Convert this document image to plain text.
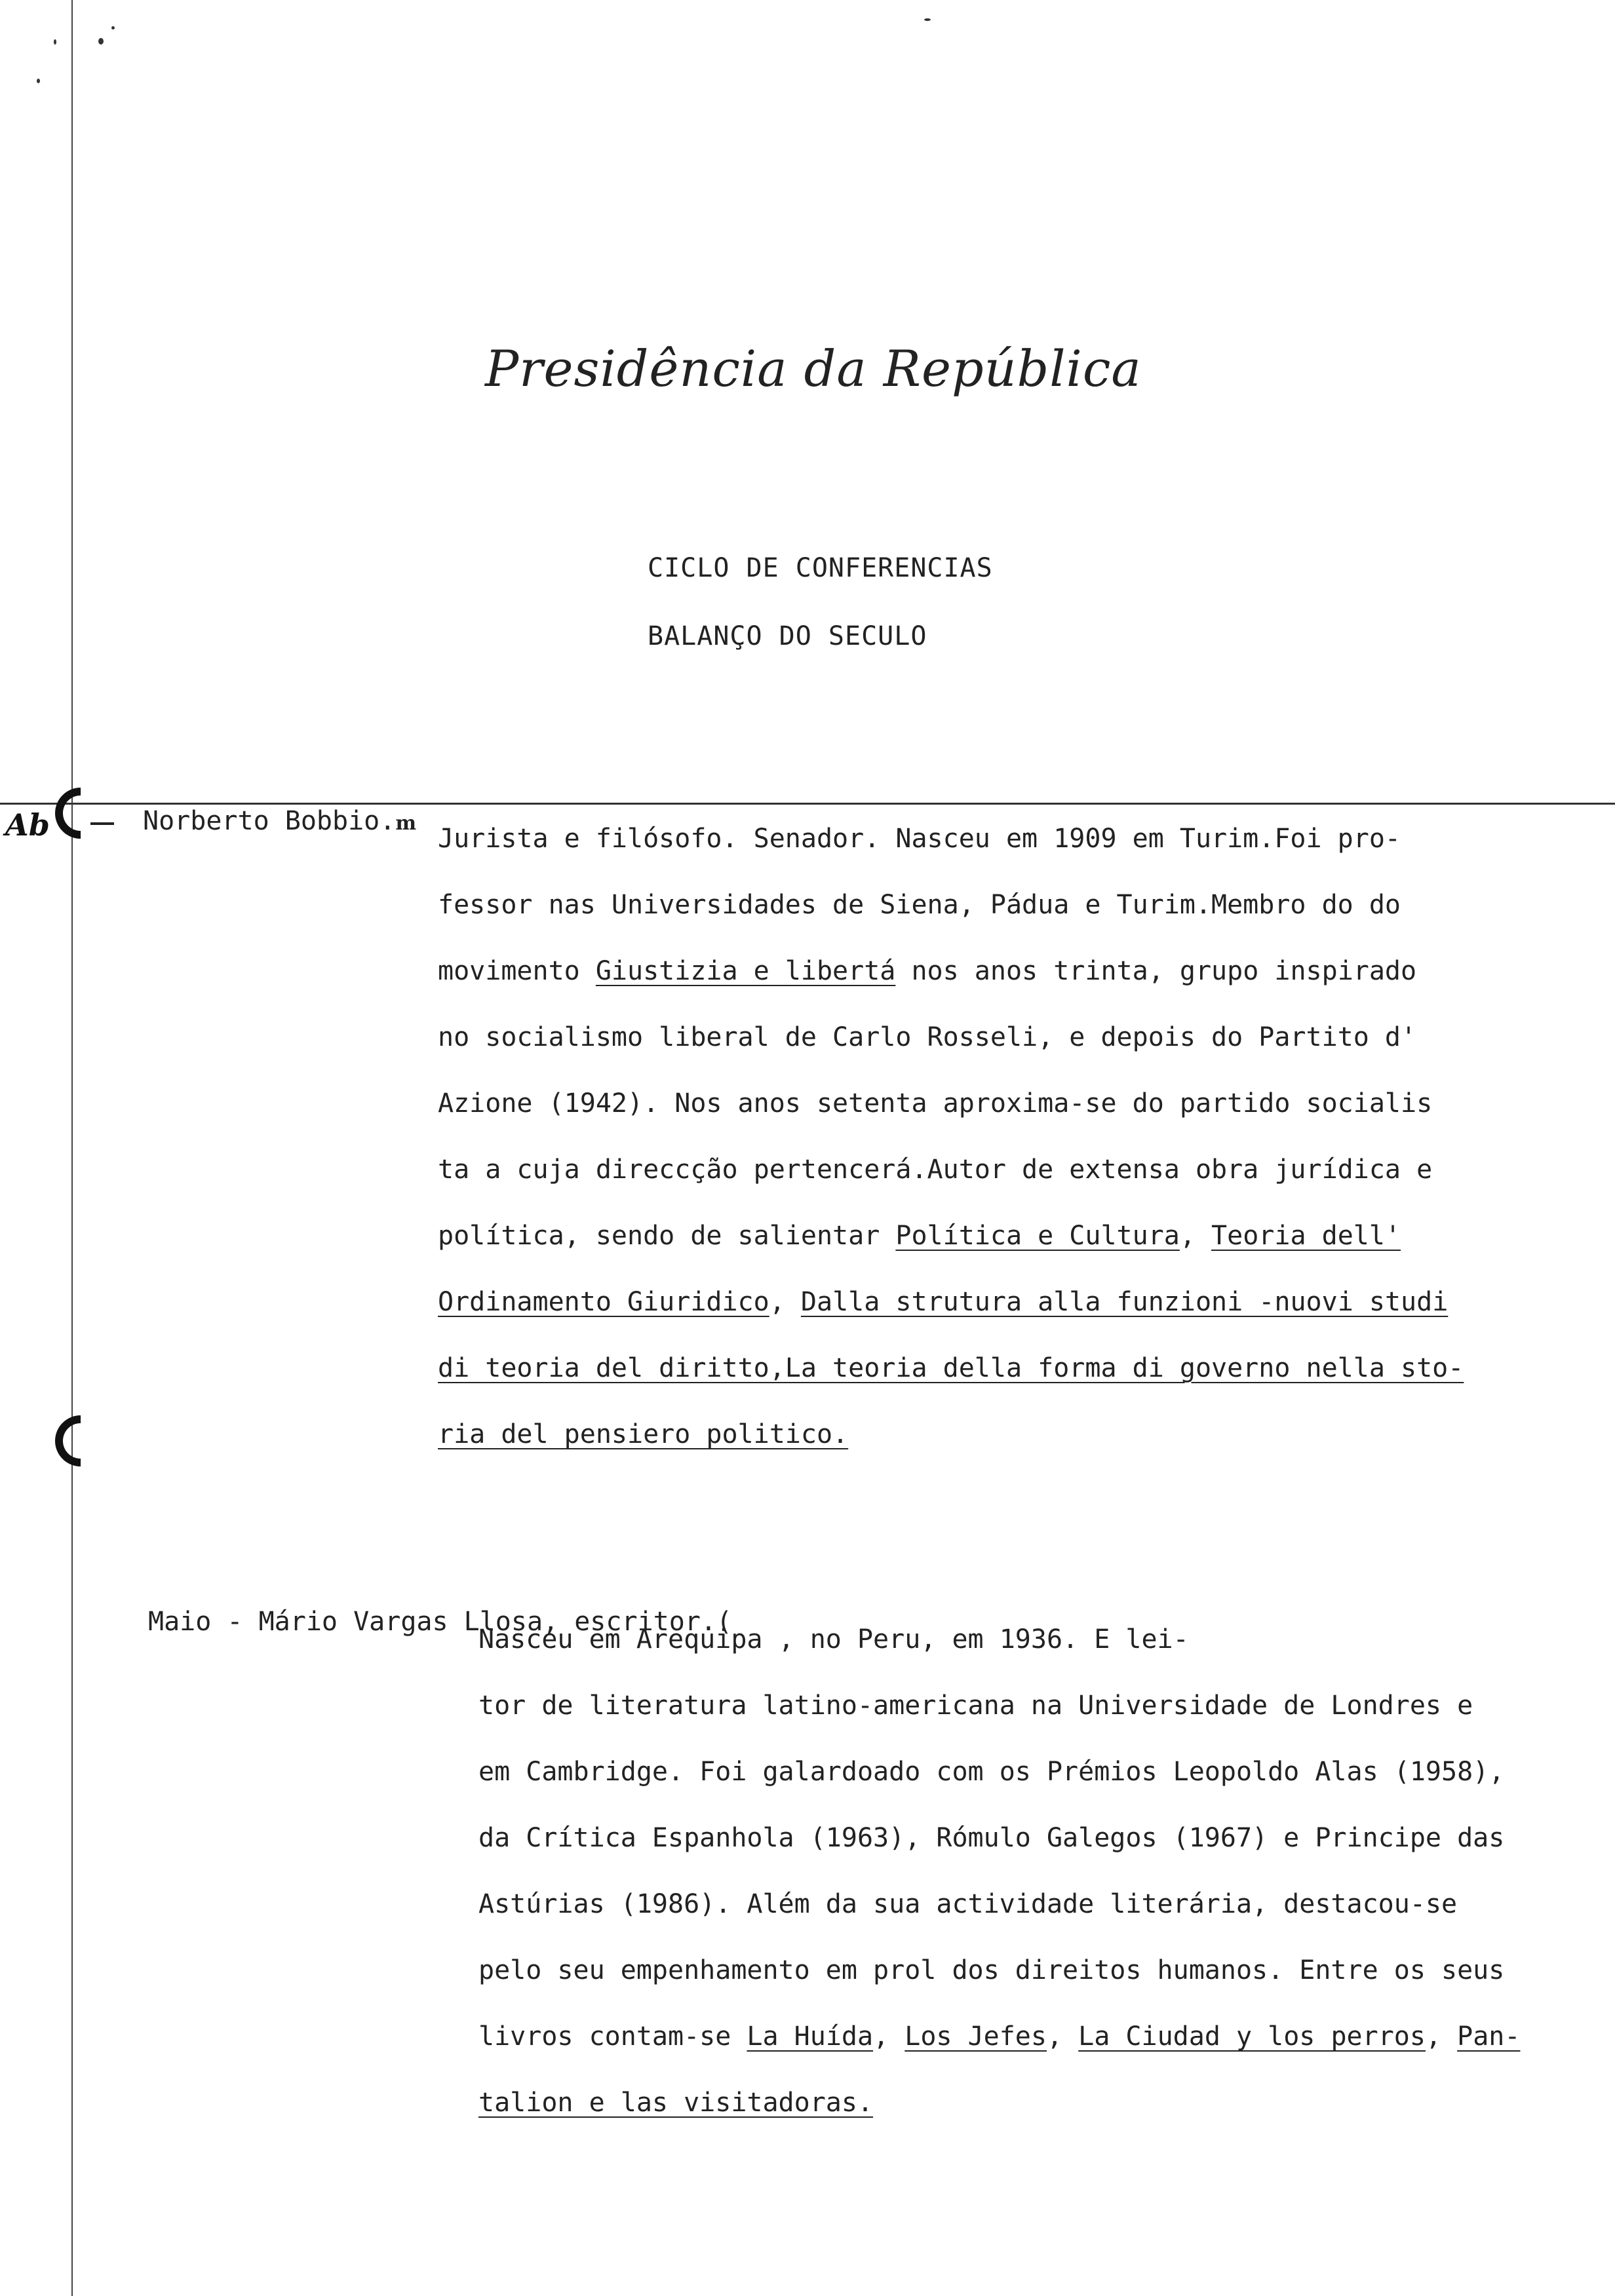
Presidência da República
CICLO DE CONFERENCIAS
BALANÇO DO SECULO
Ab	Norberto Bobbio.m
Jurista e filósofo. Senador. Nasceu em 1909 em Turim.Foi pro-
fessor nas Universidades de Siena, Pádua e Turim.Membro do do
movimento Giustizia e libertá nos anos trinta, grupo inspirado
no socialismo liberal de Carlo Rosseli, e depois do Partito d'
Azione (1942). Nos anos setenta aproxima-se do partido socialis
ta a cuja direccção pertencerá.Autor de extensa obra jurídica e
política, sendo de salientar Política e Cultura, Teoria dell'
Ordinamento Giuridico, Dalla strutura alla funzioni -nuovi studi
di teoria del diritto,La teoria della forma di governo nella sto-
ria del pensiero politico.
Maio - Mário Vargas Llosa, escritor.(
Nasceu em Arequipa , no Peru, em 1936. E lei-
tor de literatura latino-americana na Universidade de Londres e
em Cambridge. Foi galardoado com os Prémios Leopoldo Alas (1958),
da Crítica Espanhola (1963), Rómulo Galegos (1967) e Principe das
Astúrias (1986). Além da sua actividade literária, destacou-se
pelo seu empenhamento em prol dos direitos humanos. Entre os seus
livros contam-se La Huída, Los Jefes, La Ciudad y los perros, Pan-
talion e las visitadoras.
